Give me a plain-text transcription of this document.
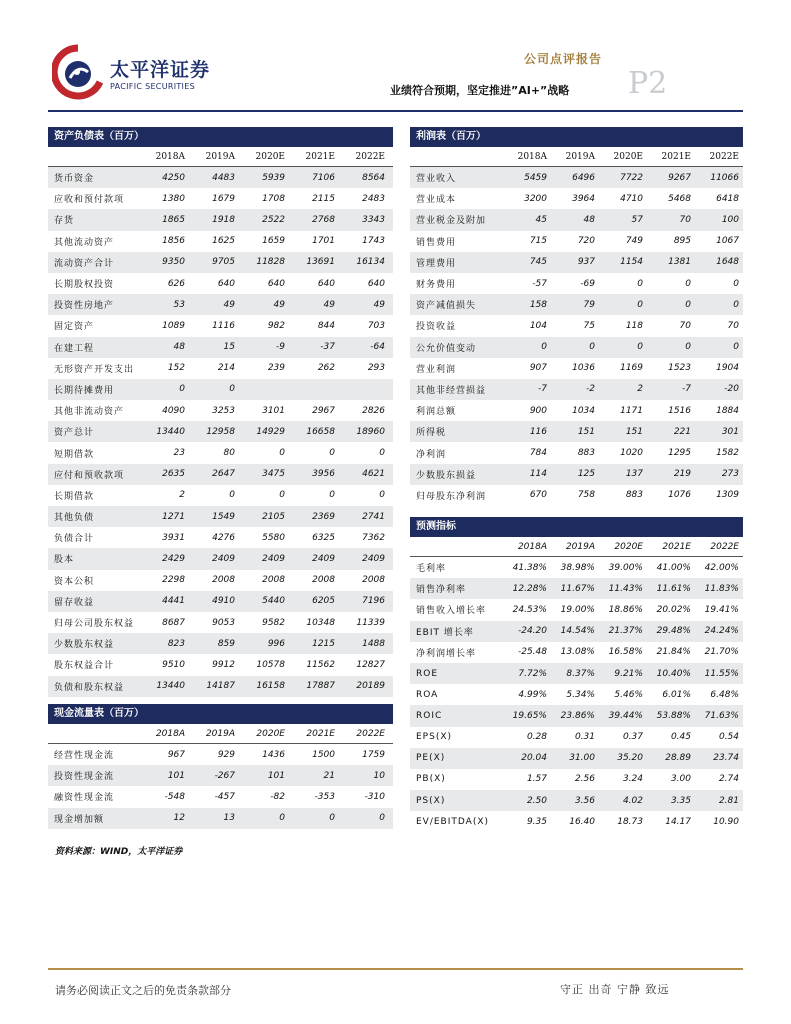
太平洋证券
PACIFIC SECURITIES
公司点评报告
业绩符合预期，坚定推进”AI+”战略 P2
资产负债表（百万）
2018A	2019A	2020E	2021E	2022E
货币资金	4250	4483	5939	7106	8564
应收和预付款项	1380	1679	1708	2115	2483
存货	1865	1918	2522	2768	3343
其他流动资产	1856	1625	1659	1701	1743
流动资产合计	9350	9705	11828	13691	16134
长期股权投资	626	640	640	640	640
投资性房地产	53	49	49	49	49
固定资产	1089	1116	982	844	703
在建工程	48	15	-9	-37	-64
无形资产开发支出	152	214	239	262	293
长期待摊费用	0	0
其他非流动资产	4090	3253	3101	2967	2826
资产总计	13440	12958	14929	16658	18960
短期借款	23	80	0	0	0
应付和预收款项	2635	2647	3475	3956	4621
长期借款	2	0	0	0	0
其他负债	1271	1549	2105	2369	2741
负债合计	3931	4276	5580	6325	7362
股本	2429	2409	2409	2409	2409
资本公积	2298	2008	2008	2008	2008
留存收益	4441	4910	5440	6205	7196
归母公司股东权益	8687	9053	9582	10348	11339
少数股东权益	823	859	996	1215	1488
股东权益合计	9510	9912	10578	11562	12827
负债和股东权益	13440	14187	16158	17887	20189
现金流量表（百万）
2018A	2019A	2020E	2021E	2022E
经营性现金流	967	929	1436	1500	1759
投资性现金流	101	-267	101	21	10
融资性现金流	-548	-457	-82	-353	-310
现金增加额	12	13	0	0	0
利润表（百万）
2018A	2019A	2020E	2021E	2022E
营业收入	5459	6496	7722	9267	11066
营业成本	3200	3964	4710	5468	6418
营业税金及附加	45	48	57	70	100
销售费用	715	720	749	895	1067
管理费用	745	937	1154	1381	1648
财务费用	-57	-69	0	0	0
资产减值损失	158	79	0	0	0
投资收益	104	75	118	70	70
公允价值变动	0	0	0	0	0
营业利润	907	1036	1169	1523	1904
其他非经营损益	-7	-2	2	-7	-20
利润总额	900	1034	1171	1516	1884
所得税	116	151	151	221	301
净利润	784	883	1020	1295	1582
少数股东损益	114	125	137	219	273
归母股东净利润	670	758	883	1076	1309
预测指标
2018A	2019A	2020E	2021E	2022E
毛利率	41.38%	38.98%	39.00%	41.00%	42.00%
销售净利率	12.28%	11.67%	11.43%	11.61%	11.83%
销售收入增长率	24.53%	19.00%	18.86%	20.02%	19.41%
EBIT 增长率	-24.20	14.54%	21.37%	29.48%	24.24%
净利润增长率	-25.48	13.08%	16.58%	21.84%	21.70%
ROE	7.72%	8.37%	9.21%	10.40%	11.55%
ROA	4.99%	5.34%	5.46%	6.01%	6.48%
ROIC	19.65%	23.86%	39.44%	53.88%	71.63%
EPS(X)	0.28	0.31	0.37	0.45	0.54
PE(X)	20.04	31.00	35.20	28.89	23.74
PB(X)	1.57	2.56	3.24	3.00	2.74
PS(X)	2.50	3.56	4.02	3.35	2.81
EV/EBITDA(X)	9.35	16.40	18.73	14.17	10.90
资料来源：WIND，太平洋证券
请务必阅读正文之后的免责条款部分	守正 出奇 宁静 致远
